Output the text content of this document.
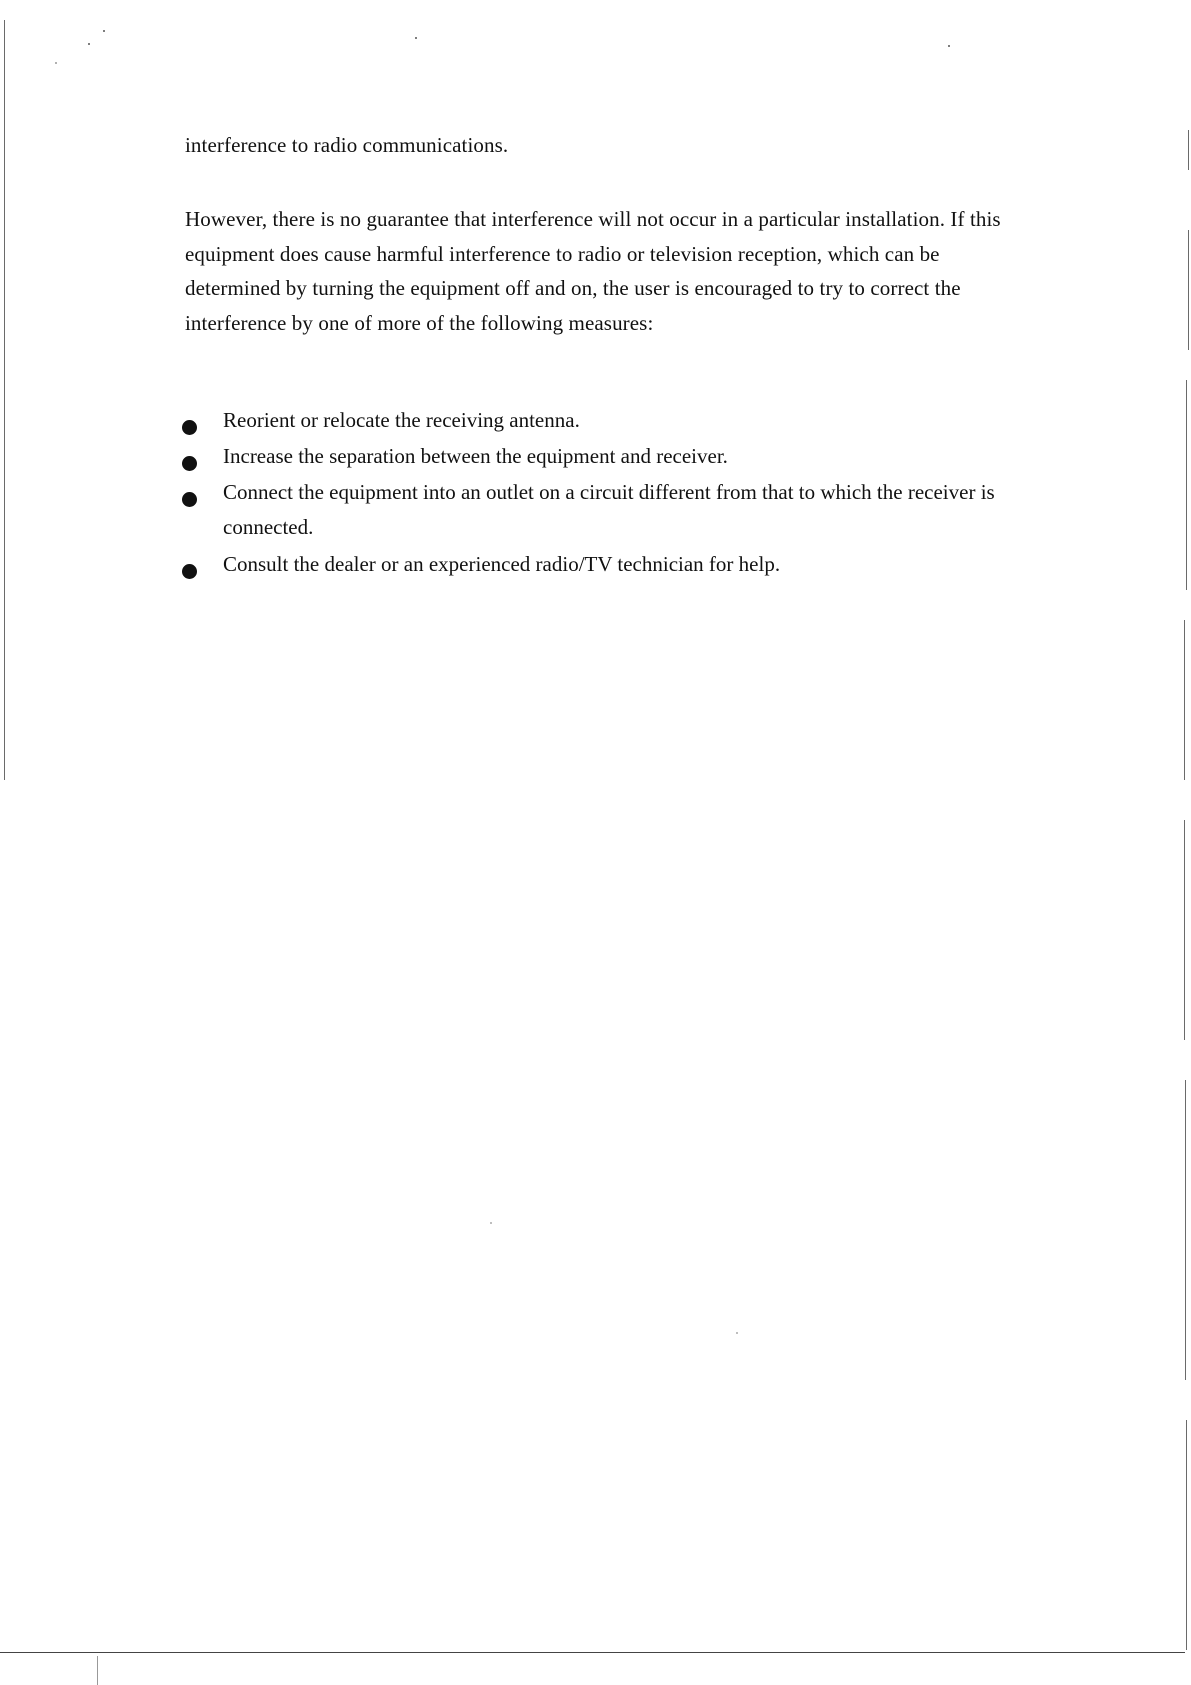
interference to radio communications.

However, there is no guarantee that interference will not occur in a particular installation. If this equipment does cause harmful interference to radio or television reception, which can be determined by turning the equipment off and on, the user is encouraged to try to correct the interference by one of more of the following measures:

Reorient or relocate the receiving antenna.
Increase the separation between the equipment and receiver.
Connect the equipment into an outlet on a circuit different from that to which the receiver is connected.
Consult the dealer or an experienced radio/TV technician for help.
